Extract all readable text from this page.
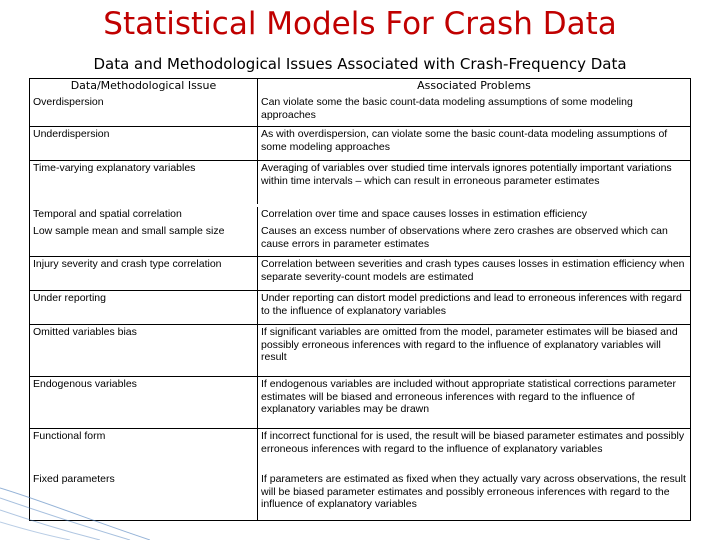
Statistical Models For Crash Data
Data and Methodological Issues Associated with Crash-Frequency Data
Data/Methodological Issue	Associated Problems
Overdispersion	Can violate some the basic count-data modeling assumptions of some modeling approaches
Underdispersion	As with overdispersion, can violate some the basic count-data modeling assumptions of some modeling approaches
Time-varying explanatory variables	Averaging of variables over studied time intervals ignores potentially important variations within time intervals – which can result in erroneous parameter estimates
Temporal and spatial correlation	Correlation over time and space causes losses in estimation efficiency
Low sample mean and small sample size	Causes an excess number of observations where zero crashes are observed which can cause errors in parameter estimates
Injury severity and crash type correlation	Correlation between severities and crash types causes losses in estimation efficiency when separate severity-count models are estimated
Under reporting	Under reporting can distort model predictions and lead to erroneous inferences with regard to the influence of explanatory variables
Omitted variables bias	If significant variables are omitted from the model, parameter estimates will be biased and possibly erroneous inferences with regard to the influence of explanatory variables will result
Endogenous variables	If endogenous variables are included without appropriate statistical corrections parameter estimates will be biased and erroneous inferences with regard to the influence of explanatory variables may be drawn
Functional form	If incorrect functional for is used, the result will be biased parameter estimates and possibly erroneous inferences with regard to the influence of explanatory variables
Fixed parameters	If parameters are estimated as fixed when they actually vary across observations, the result will be biased parameter estimates and possibly erroneous inferences with regard to the influence of explanatory variables
